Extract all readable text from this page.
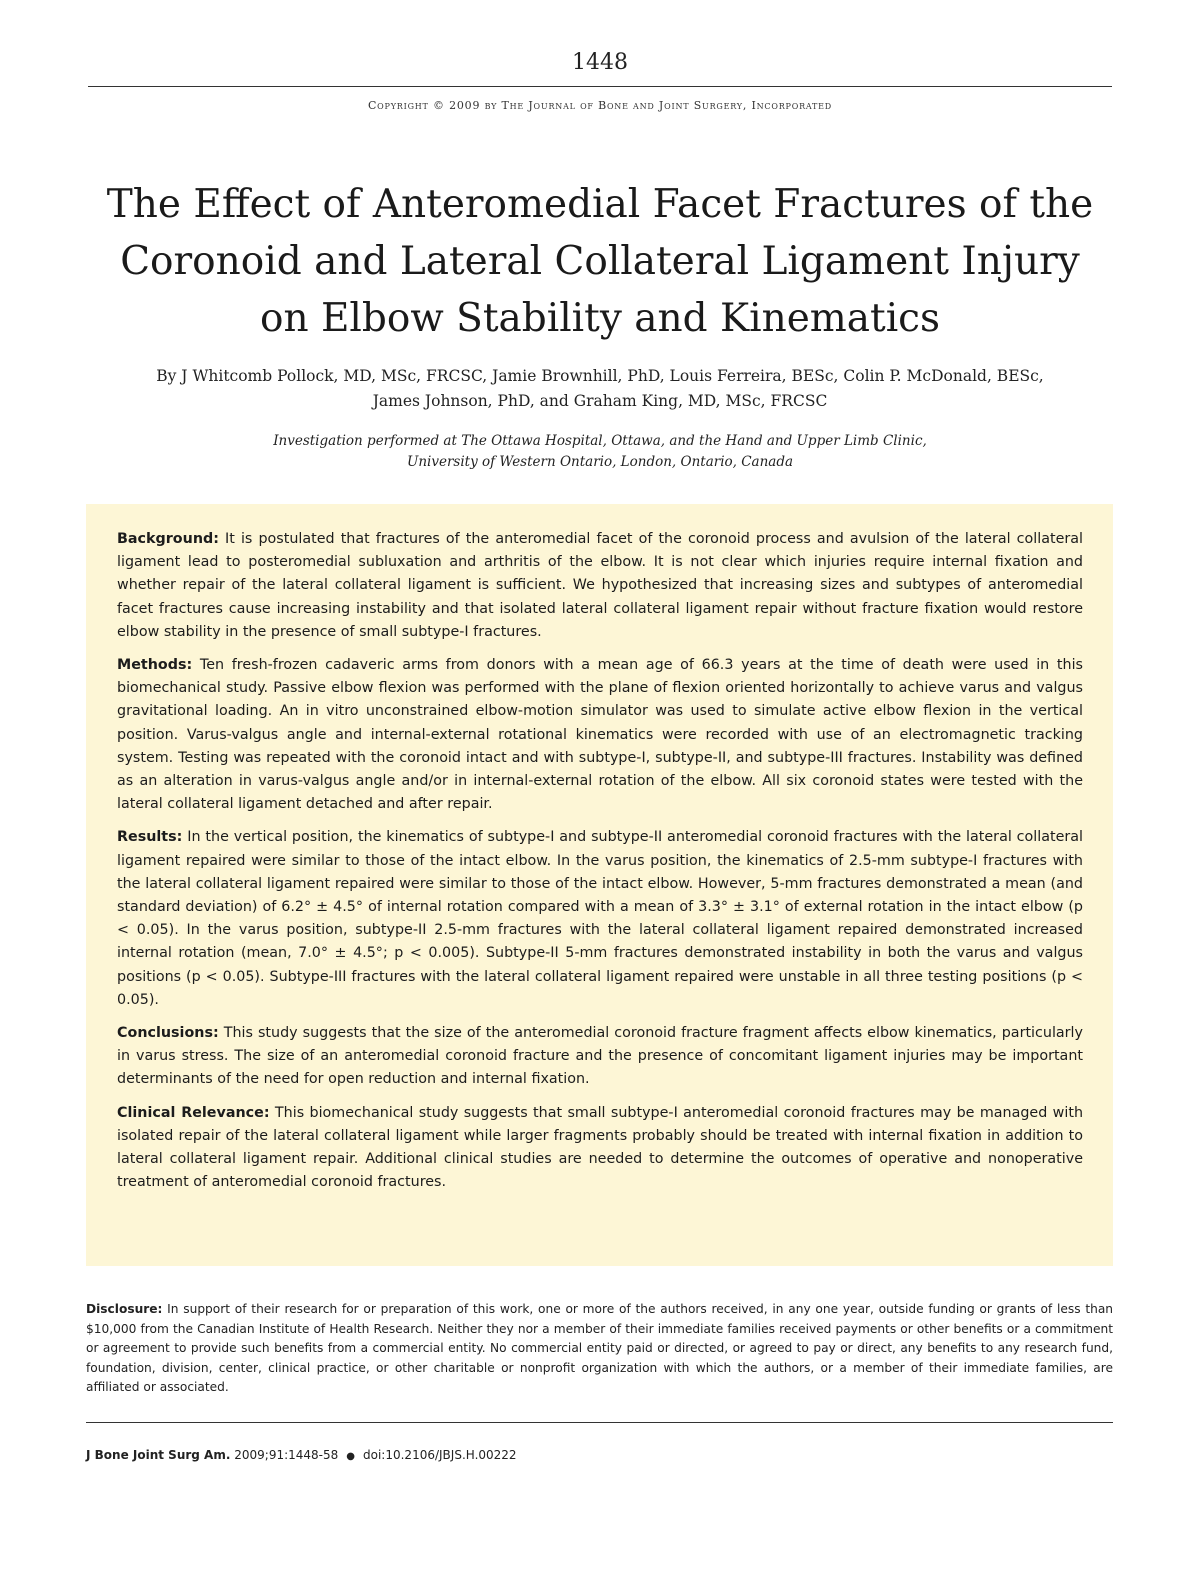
1448
Copyright © 2009 by The Journal of Bone and Joint Surgery, Incorporated
The Effect of Anteromedial Facet Fractures of the
Coronoid and Lateral Collateral Ligament Injury
on Elbow Stability and Kinematics
By J Whitcomb Pollock, MD, MSc, FRCSC, Jamie Brownhill, PhD, Louis Ferreira, BESc, Colin P. McDonald, BESc,
James Johnson, PhD, and Graham King, MD, MSc, FRCSC
Investigation performed at The Ottawa Hospital, Ottawa, and the Hand and Upper Limb Clinic,
University of Western Ontario, London, Ontario, Canada

Background: It is postulated that fractures of the anteromedial facet of the coronoid process and avulsion of the lateral collateral ligament lead to posteromedial subluxation and arthritis of the elbow. It is not clear which injuries require internal fixation and whether repair of the lateral collateral ligament is sufficient. We hypothesized that increasing sizes and subtypes of anteromedial facet fractures cause increasing instability and that isolated lateral collateral ligament repair without fracture fixation would restore elbow stability in the presence of small subtype-I fractures.

Methods: Ten fresh-frozen cadaveric arms from donors with a mean age of 66.3 years at the time of death were used in this biomechanical study. Passive elbow flexion was performed with the plane of flexion oriented horizontally to achieve varus and valgus gravitational loading. An in vitro unconstrained elbow-motion simulator was used to simulate active elbow flexion in the vertical position. Varus-valgus angle and internal-external rotational kinematics were recorded with use of an electromagnetic tracking system. Testing was repeated with the coronoid intact and with subtype-I, subtype-II, and subtype-III fractures. Instability was defined as an alteration in varus-valgus angle and/or in internal-external rotation of the elbow. All six coronoid states were tested with the lateral collateral ligament detached and after repair.

Results: In the vertical position, the kinematics of subtype-I and subtype-II anteromedial coronoid fractures with the lateral collateral ligament repaired were similar to those of the intact elbow. In the varus position, the kinematics of 2.5-mm subtype-I fractures with the lateral collateral ligament repaired were similar to those of the intact elbow. However, 5-mm fractures demonstrated a mean (and standard deviation) of 6.2° ± 4.5° of internal rotation compared with a mean of 3.3° ± 3.1° of external rotation in the intact elbow (p < 0.05). In the varus position, subtype-II 2.5-mm fractures with the lateral collateral ligament repaired demonstrated increased internal rotation (mean, 7.0° ± 4.5°; p < 0.005). Subtype-II 5-mm fractures demonstrated instability in both the varus and valgus positions (p < 0.05). Subtype-III fractures with the lateral collateral ligament repaired were unstable in all three testing positions (p < 0.05).

Conclusions: This study suggests that the size of the anteromedial coronoid fracture fragment affects elbow kinematics, particularly in varus stress. The size of an anteromedial coronoid fracture and the presence of concomitant ligament injuries may be important determinants of the need for open reduction and internal fixation.

Clinical Relevance: This biomechanical study suggests that small subtype-I anteromedial coronoid fractures may be managed with isolated repair of the lateral collateral ligament while larger fragments probably should be treated with internal fixation in addition to lateral collateral ligament repair. Additional clinical studies are needed to determine the outcomes of operative and nonoperative treatment of anteromedial coronoid fractures.

Disclosure: In support of their research for or preparation of this work, one or more of the authors received, in any one year, outside funding or grants of less than $10,000 from the Canadian Institute of Health Research. Neither they nor a member of their immediate families received payments or other benefits or a commitment or agreement to provide such benefits from a commercial entity. No commercial entity paid or directed, or agreed to pay or direct, any benefits to any research fund, foundation, division, center, clinical practice, or other charitable or nonprofit organization with which the authors, or a member of their immediate families, are affiliated or associated.
J Bone Joint Surg Am. 2009;91:1448-58 ● doi:10.2106/JBJS.H.00222
